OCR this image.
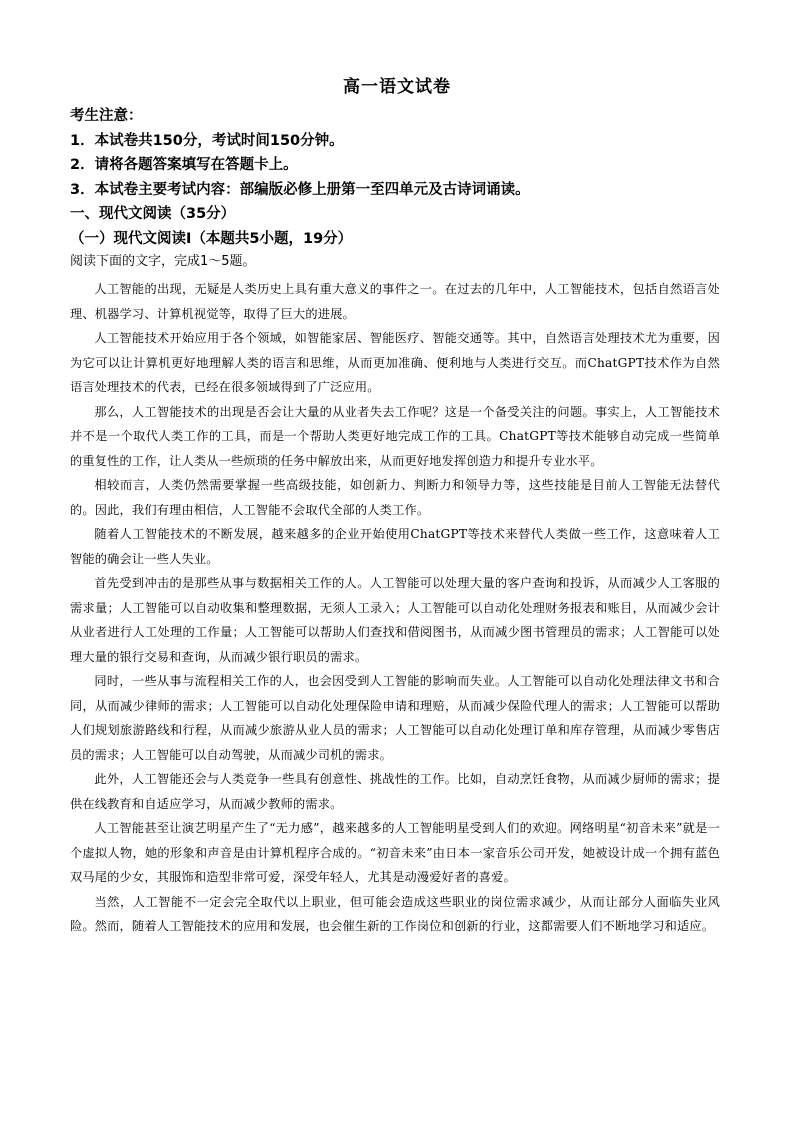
高一语文试卷
考生注意：
1．本试卷共150分，考试时间150分钟。
2．请将各题答案填写在答题卡上。
3．本试卷主要考试内容：部编版必修上册第一至四单元及古诗词诵读。
一、现代文阅读（35分）
（一）现代文阅读Ⅰ（本题共5小题，19分）
阅读下面的文字，完成1～5题。

人工智能的出现，无疑是人类历史上具有重大意义的事件之一。在过去的几年中，人工智能技术，包括自然语言处理、机器学习、计算机视觉等，取得了巨大的进展。

人工智能技术开始应用于各个领域，如智能家居、智能医疗、智能交通等。其中，自然语言处理技术尤为重要，因为它可以让计算机更好地理解人类的语言和思维，从而更加准确、便利地与人类进行交互。而ChatGPT技术作为自然语言处理技术的代表，已经在很多领域得到了广泛应用。

那么，人工智能技术的出现是否会让大量的从业者失去工作呢？这是一个备受关注的问题。事实上，人工智能技术并不是一个取代人类工作的工具，而是一个帮助人类更好地完成工作的工具。ChatGPT等技术能够自动完成一些简单的重复性的工作，让人类从一些烦琐的任务中解放出来，从而更好地发挥创造力和提升专业水平。

相较而言，人类仍然需要掌握一些高级技能，如创新力、判断力和领导力等，这些技能是目前人工智能无法替代的。因此，我们有理由相信，人工智能不会取代全部的人类工作。

随着人工智能技术的不断发展，越来越多的企业开始使用ChatGPT等技术来替代人类做一些工作，这意味着人工智能的确会让一些人失业。

首先受到冲击的是那些从事与数据相关工作的人。人工智能可以处理大量的客户查询和投诉，从而减少人工客服的需求量；人工智能可以自动收集和整理数据，无须人工录入；人工智能可以自动化处理财务报表和账目，从而减少会计从业者进行人工处理的工作量；人工智能可以帮助人们查找和借阅图书，从而减少图书管理员的需求；人工智能可以处理大量的银行交易和查询，从而减少银行职员的需求。

同时，一些从事与流程相关工作的人，也会因受到人工智能的影响而失业。人工智能可以自动化处理法律文书和合同，从而减少律师的需求；人工智能可以自动化处理保险申请和理赔，从而减少保险代理人的需求；人工智能可以帮助人们规划旅游路线和行程，从而减少旅游从业人员的需求；人工智能可以自动化处理订单和库存管理，从而减少零售店员的需求；人工智能可以自动驾驶，从而减少司机的需求。

此外，人工智能还会与人类竞争一些具有创意性、挑战性的工作。比如，自动烹饪食物，从而减少厨师的需求；提供在线教育和自适应学习，从而减少教师的需求。

人工智能甚至让演艺明星产生了“无力感”，越来越多的人工智能明星受到人们的欢迎。网络明星“初音未来”就是一个虚拟人物，她的形象和声音是由计算机程序合成的。“初音未来”由日本一家音乐公司开发，她被设计成一个拥有蓝色双马尾的少女，其服饰和造型非常可爱，深受年轻人，尤其是动漫爱好者的喜爱。

当然，人工智能不一定会完全取代以上职业，但可能会造成这些职业的岗位需求减少，从而让部分人面临失业风险。然而，随着人工智能技术的应用和发展，也会催生新的工作岗位和创新的行业，这都需要人们不断地学习和适应。
